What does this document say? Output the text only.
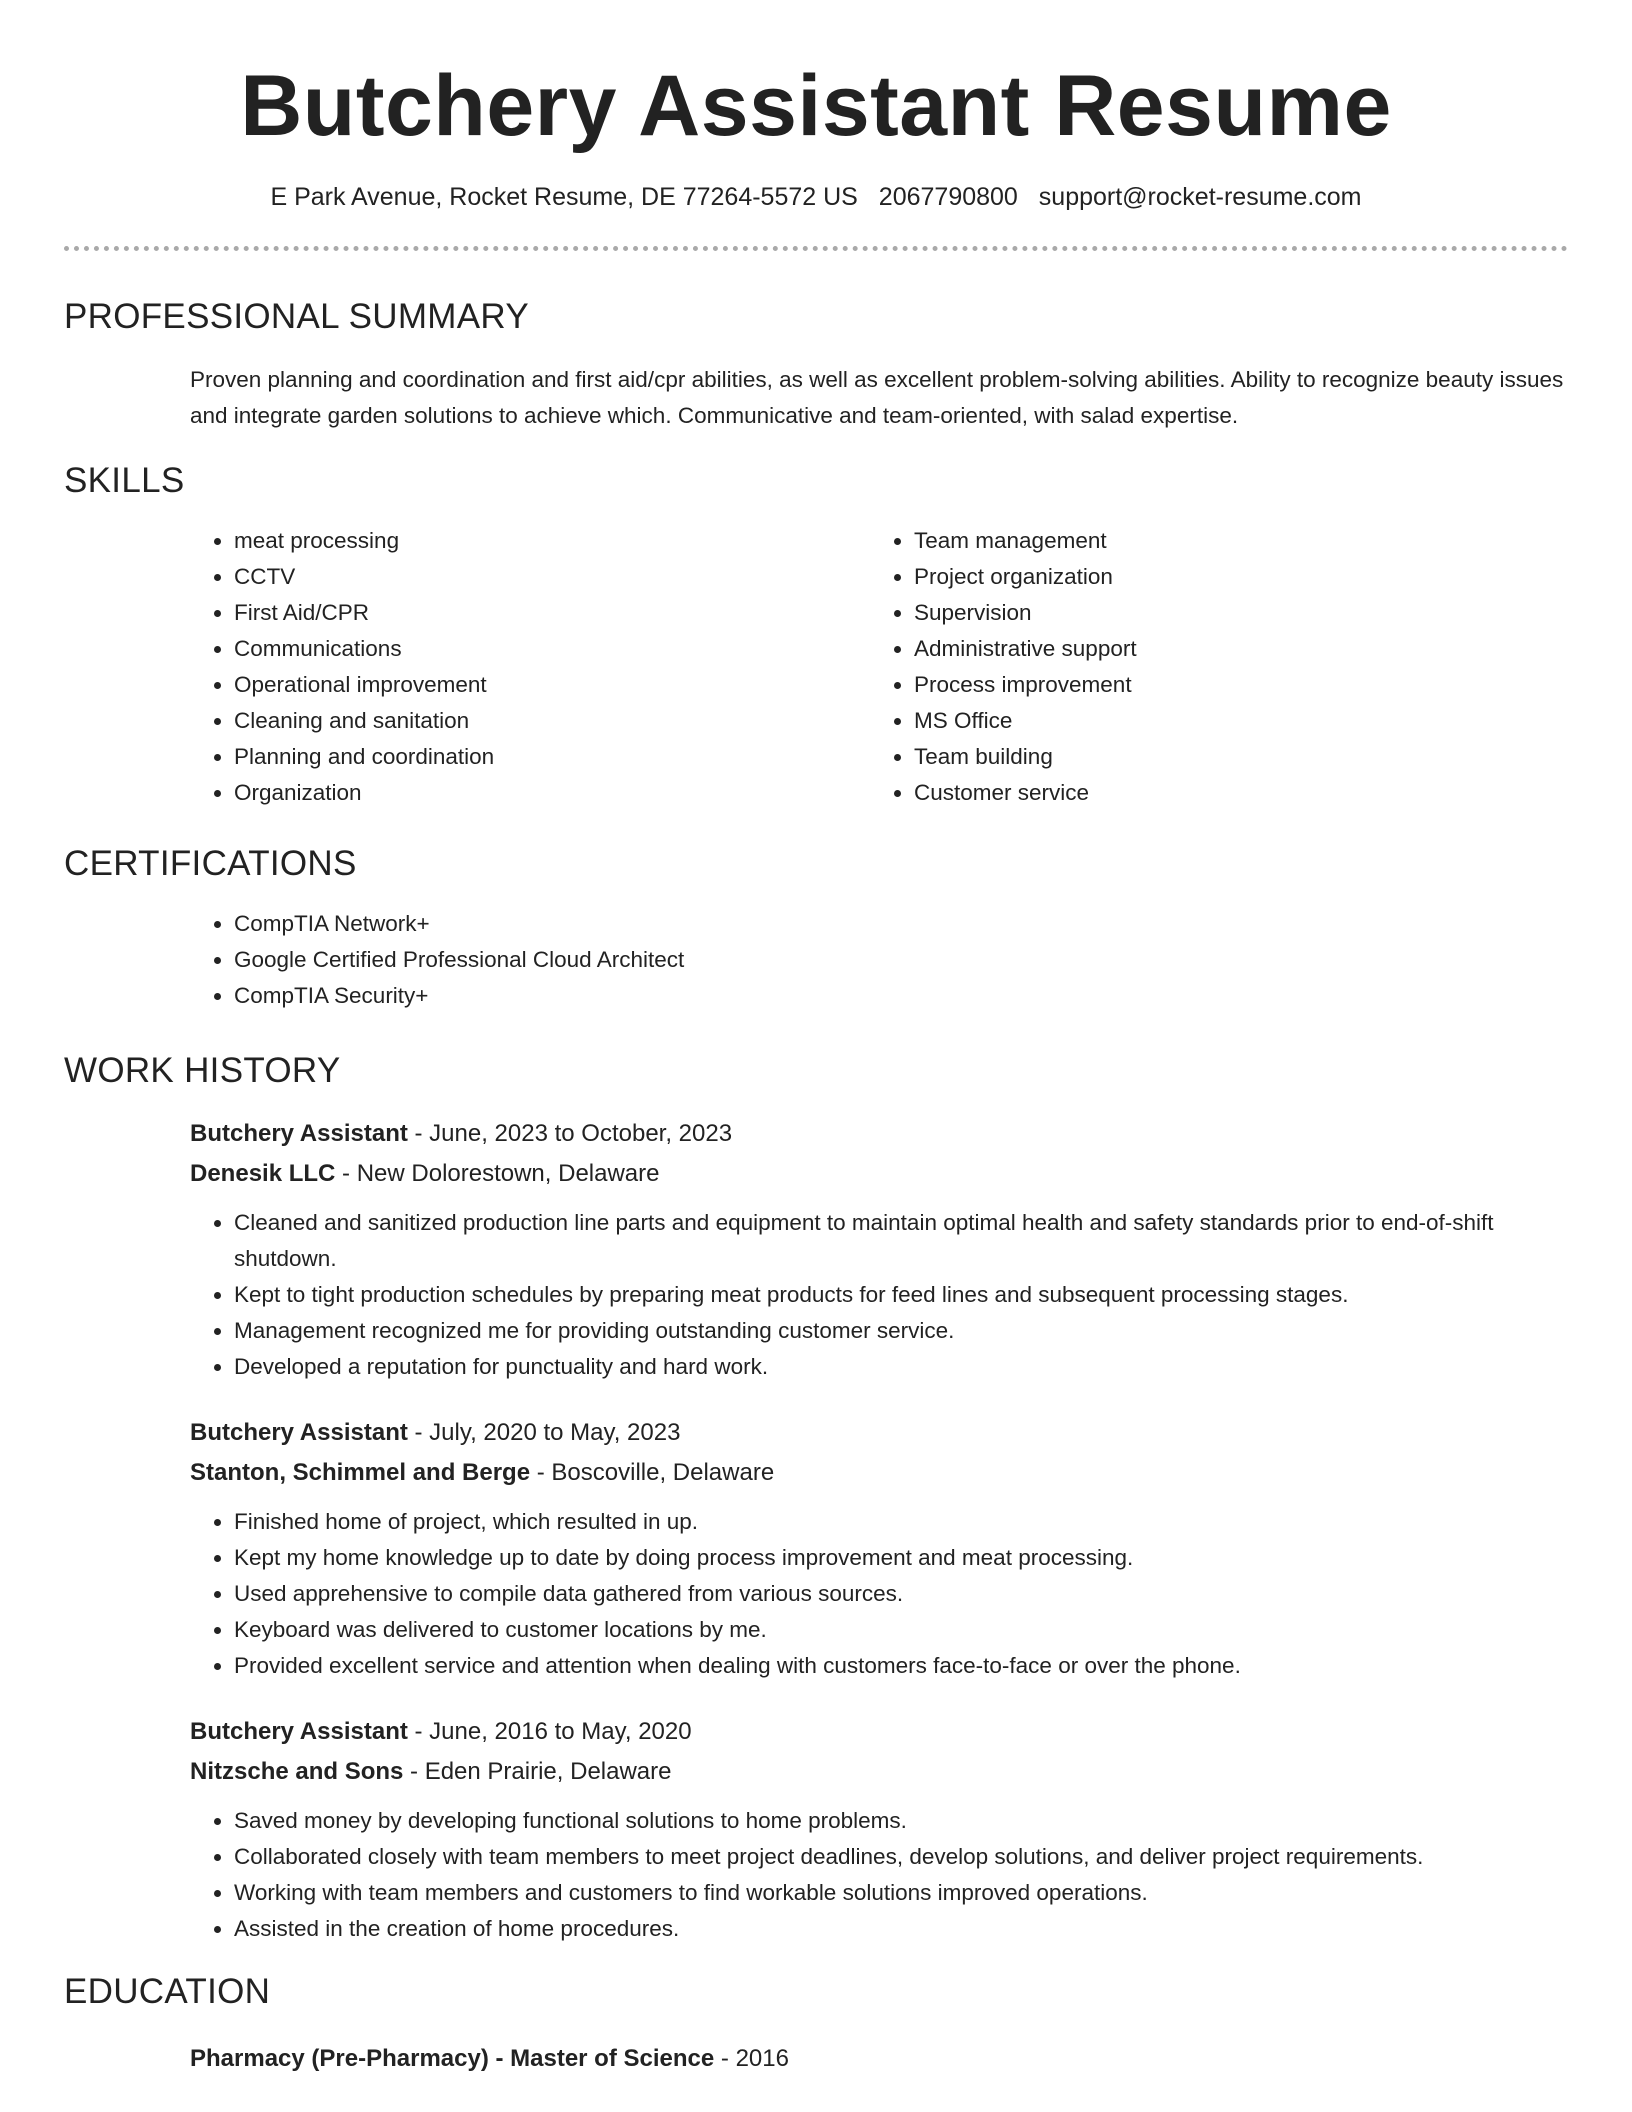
Butchery Assistant Resume
E Park Avenue, Rocket Resume, DE 77264-5572 US 2067790800 support@rocket-resume.com
PROFESSIONAL SUMMARY

Proven planning and coordination and first aid/cpr abilities, as well as excellent problem-solving abilities. Ability to recognize beauty issues and integrate garden solutions to achieve which. Communicative and team-oriented, with salad expertise.

SKILLS
• meat processing
• CCTV
• First Aid/CPR
• Communications
• Operational improvement
• Cleaning and sanitation
• Planning and coordination
• Organization
• Team management
• Project organization
• Supervision
• Administrative support
• Process improvement
• MS Office
• Team building
• Customer service
CERTIFICATIONS
• CompTIA Network+
• Google Certified Professional Cloud Architect
• CompTIA Security+
WORK HISTORY
Butchery Assistant - June, 2023 to October, 2023
Denesik LLC - New Dolorestown, Delaware
• Cleaned and sanitized production line parts and equipment to maintain optimal health and safety standards prior to end-of-shift shutdown.
• Kept to tight production schedules by preparing meat products for feed lines and subsequent processing stages.
• Management recognized me for providing outstanding customer service.
• Developed a reputation for punctuality and hard work.
Butchery Assistant - July, 2020 to May, 2023
Stanton, Schimmel and Berge - Boscoville, Delaware
• Finished home of project, which resulted in up.
• Kept my home knowledge up to date by doing process improvement and meat processing.
• Used apprehensive to compile data gathered from various sources.
• Keyboard was delivered to customer locations by me.
• Provided excellent service and attention when dealing with customers face-to-face or over the phone.
Butchery Assistant - June, 2016 to May, 2020
Nitzsche and Sons - Eden Prairie, Delaware
• Saved money by developing functional solutions to home problems.
• Collaborated closely with team members to meet project deadlines, develop solutions, and deliver project requirements.
• Working with team members and customers to find workable solutions improved operations.
• Assisted in the creation of home procedures.
EDUCATION
Pharmacy (Pre-Pharmacy) - Master of Science - 2016
